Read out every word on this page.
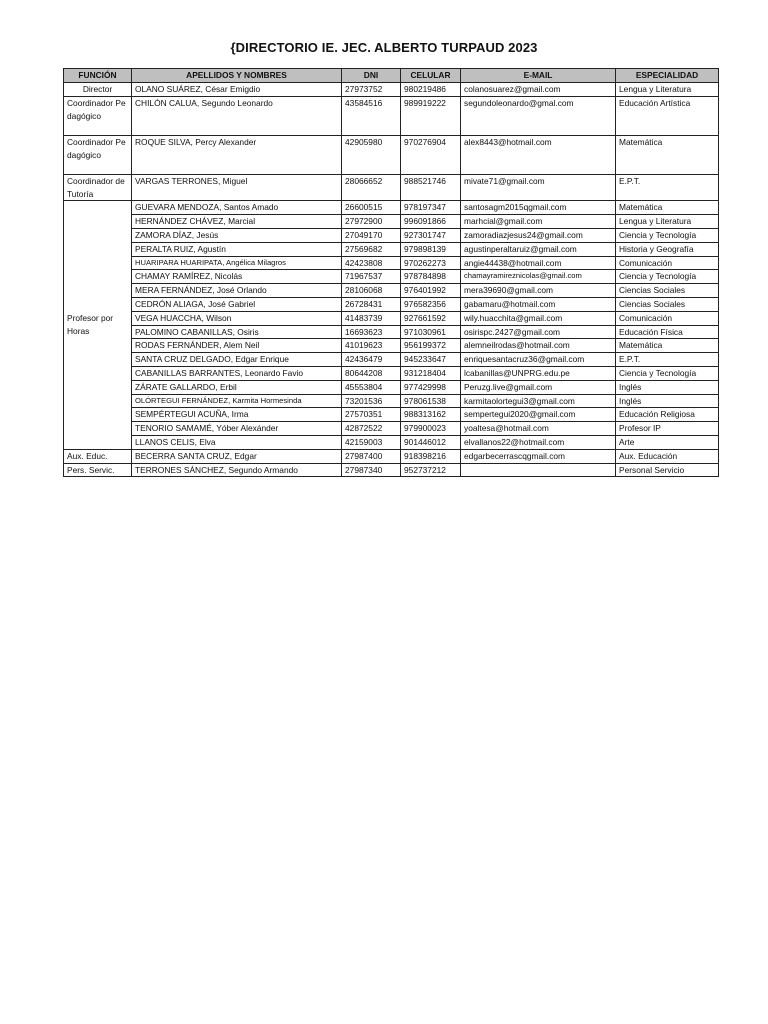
{DIRECTORIO IE. JEC. ALBERTO TURPAUD 2023
FUNCIÓN	APELLIDOS Y NOMBRES	DNI	CELULAR	E-MAIL	ESPECIALIDAD
Director	OLANO SUÁREZ, César Emigdio	27973752	980219486	colanosuarez@gmail.com	Lengua y Literatura
Coordinador Pedagógico	CHILÓN CALUA, Segundo Leonardo	43584516	989919222	segundoleonardo@gmal.com	Educación Artística
Coordinador Pedagógico	ROQUE SILVA, Percy Alexander	42905980	970276904	alex8443@hotmail.com	Matemática
Coordinador de Tutoría	VARGAS TERRONES, Miguel	28066652	988521746	mivate71@gmail.com	E.P.T.
Profesor por Horas	GUEVARA MENDOZA, Santos Amado	26600515	978197347	santosagm2015qgmail.com	Matemática
	HERNÁNDEZ CHÁVEZ, Marcial	27972900	996091866	marhcial@gmail.com	Lengua y Literatura
	ZAMORA DÍAZ, Jesús	27049170	927301747	zamoradiazjesus24@gmail.com	Ciencia y Tecnología
	PERALTA RUIZ, Agustín	27569682	979898139	agustinperaltaruiz@gmail.com	Historia y Geografía
	HUARIPARA HUARIPATA, Angélica Milagros	42423808	970262273	angie44438@hotmail.com	Comunicación
	CHAMAY RAMÍREZ, Nicolás	71967537	978784898	chamayramireznicolas@gmail.com	Ciencia y Tecnología
	MERA FERNÁNDEZ, José Orlando	28106068	976401992	mera39690@gmail.com	Ciencias Sociales
	CEDRÓN ALIAGA, José Gabriel	26728431	976582356	gabamaru@hotmail.com	Ciencias Sociales
	VEGA HUACCHA, Wilson	41483739	927661592	wily.huacchita@gmail.com	Comunicación
	PALOMINO CABANILLAS, Osiris	16693623	971030961	osirispc.2427@gmail.com	Educación Física
	RODAS FERNÁNDER, Alem Neil	41019623	956199372	alemneilrodas@hotmail.com	Matemática
	SANTA CRUZ DELGADO, Edgar Enrique	42436479	945233647	enriquesantacruz36@gmail.com	E.P.T.
	CABANILLAS BARRANTES, Leonardo Favio	80644208	931218404	lcabanillas@UNPRG.edu.pe	Ciencia y Tecnología
	ZÁRATE GALLARDO, Erbil	45553804	977429998	Peruzg.live@gmail.com	Inglés
	OLÓRTEGUI FERNÁNDEZ, Karmita Hormesinda	73201536	978061538	karmitaolortegui3@gmail.com	Inglés
	SEMPÉRTEGUI ACUÑA, Irma	27570351	988313162	sempertegui2020@gmail.com	Educación Religiosa
	TENORIO SAMAMÉ, Yóber Alexánder	42872522	979900023	yoaltesa@hotmail.com	Profesor IP
	LLANOS CELIS, Elva	42159003	901446012	elvallanos22@hotmail.com	Arte
Aux. Educ.	BECERRA SANTA CRUZ, Edgar	27987400	918398216	edgarbecerrascqgmail.com	Aux. Educación
Pers. Servic.	TERRONES SÁNCHEZ, Segundo Armando	27987340	952737212		Personal Servicio
